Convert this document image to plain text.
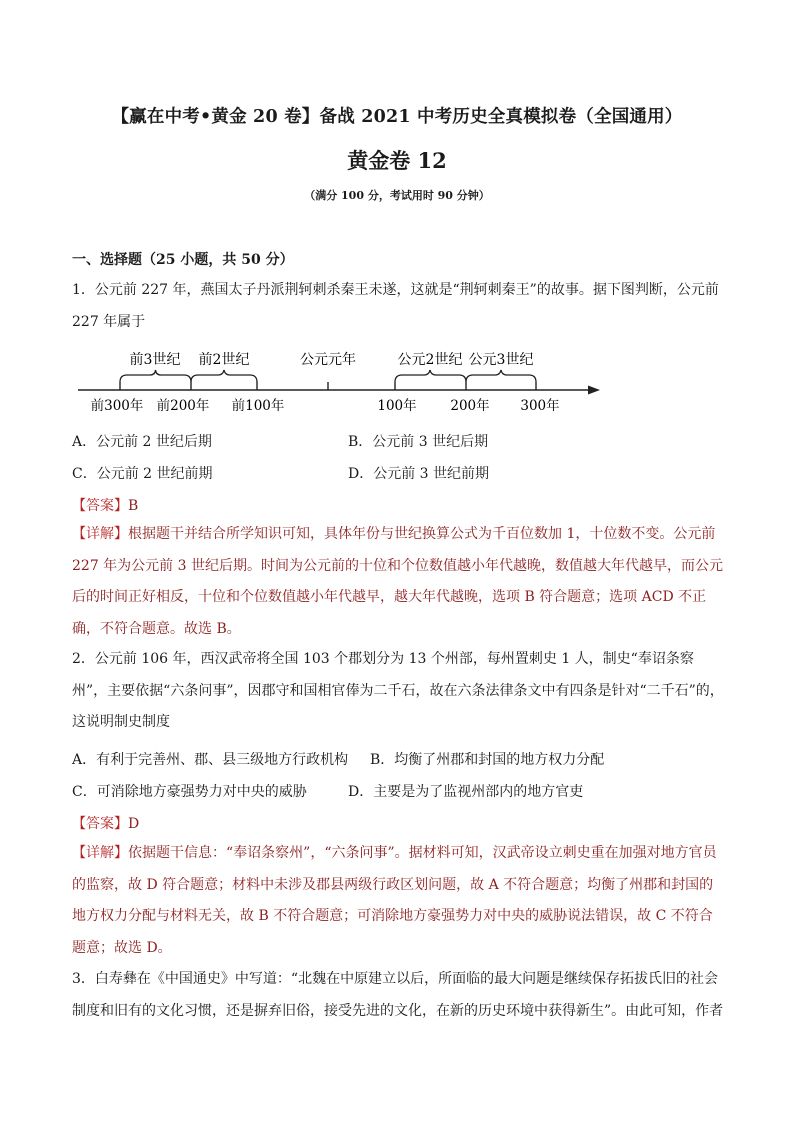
【赢在中考•黄金 20 卷】备战 2021 中考历史全真模拟卷（全国通用）
黄金卷 12
（满分 100 分，考试用时 90 分钟）
一、选择题（25 小题，共 50 分）
1．公元前 227 年，燕国太子丹派荆轲刺杀秦王未遂，这就是“荆轲刺秦王”的故事。据下图判断，公元前 227 年属于
前3世纪 前2世纪	公元元年	公元2世纪 公元3世纪
前300年 前200年 前100年	100年 200年 300年
A．公元前 2 世纪后期	B．公元前 3 世纪后期
C．公元前 2 世纪前期	D．公元前 3 世纪前期
【答案】B
【详解】根据题干并结合所学知识可知，具体年份与世纪换算公式为千百位数加 1，十位数不变。公元前 227 年为公元前 3 世纪后期。时间为公元前的十位和个位数值越小年代越晚，数值越大年代越早，而公元后的时间正好相反，十位和个位数值越小年代越早，越大年代越晚，选项 B 符合题意；选项 ACD 不正确，不符合题意。故选 B。
2．公元前 106 年，西汉武帝将全国 103 个郡划分为 13 个州部，每州置刺史 1 人，制史“奉诏条察州”，主要依据“六条问事”，因郡守和国相官俸为二千石，故在六条法律条文中有四条是针对“二千石”的，这说明制史制度
A．有利于完善州、郡、县三级地方行政机构 B．均衡了州郡和封国的地方权力分配
C．可消除地方豪强势力对中央的威胁	D．主要是为了监视州部内的地方官吏
【答案】D
【详解】依据题干信息：“奉诏条察州”，“六条问事”。据材料可知，汉武帝设立刺史重在加强对地方官员的监察，故 D 符合题意；材料中未涉及郡县两级行政区划问题，故 A 不符合题意；均衡了州郡和封国的地方权力分配与材料无关，故 B 不符合题意；可消除地方豪强势力对中央的威胁说法错误，故 C 不符合题意；故选 D。
3．白寿彝在《中国通史》中写道：“北魏在中原建立以后，所面临的最大问题是继续保存拓拔氏旧的社会制度和旧有的文化习惯，还是摒弃旧俗，接受先进的文化，在新的历史环境中获得新生”。由此可知，作者
